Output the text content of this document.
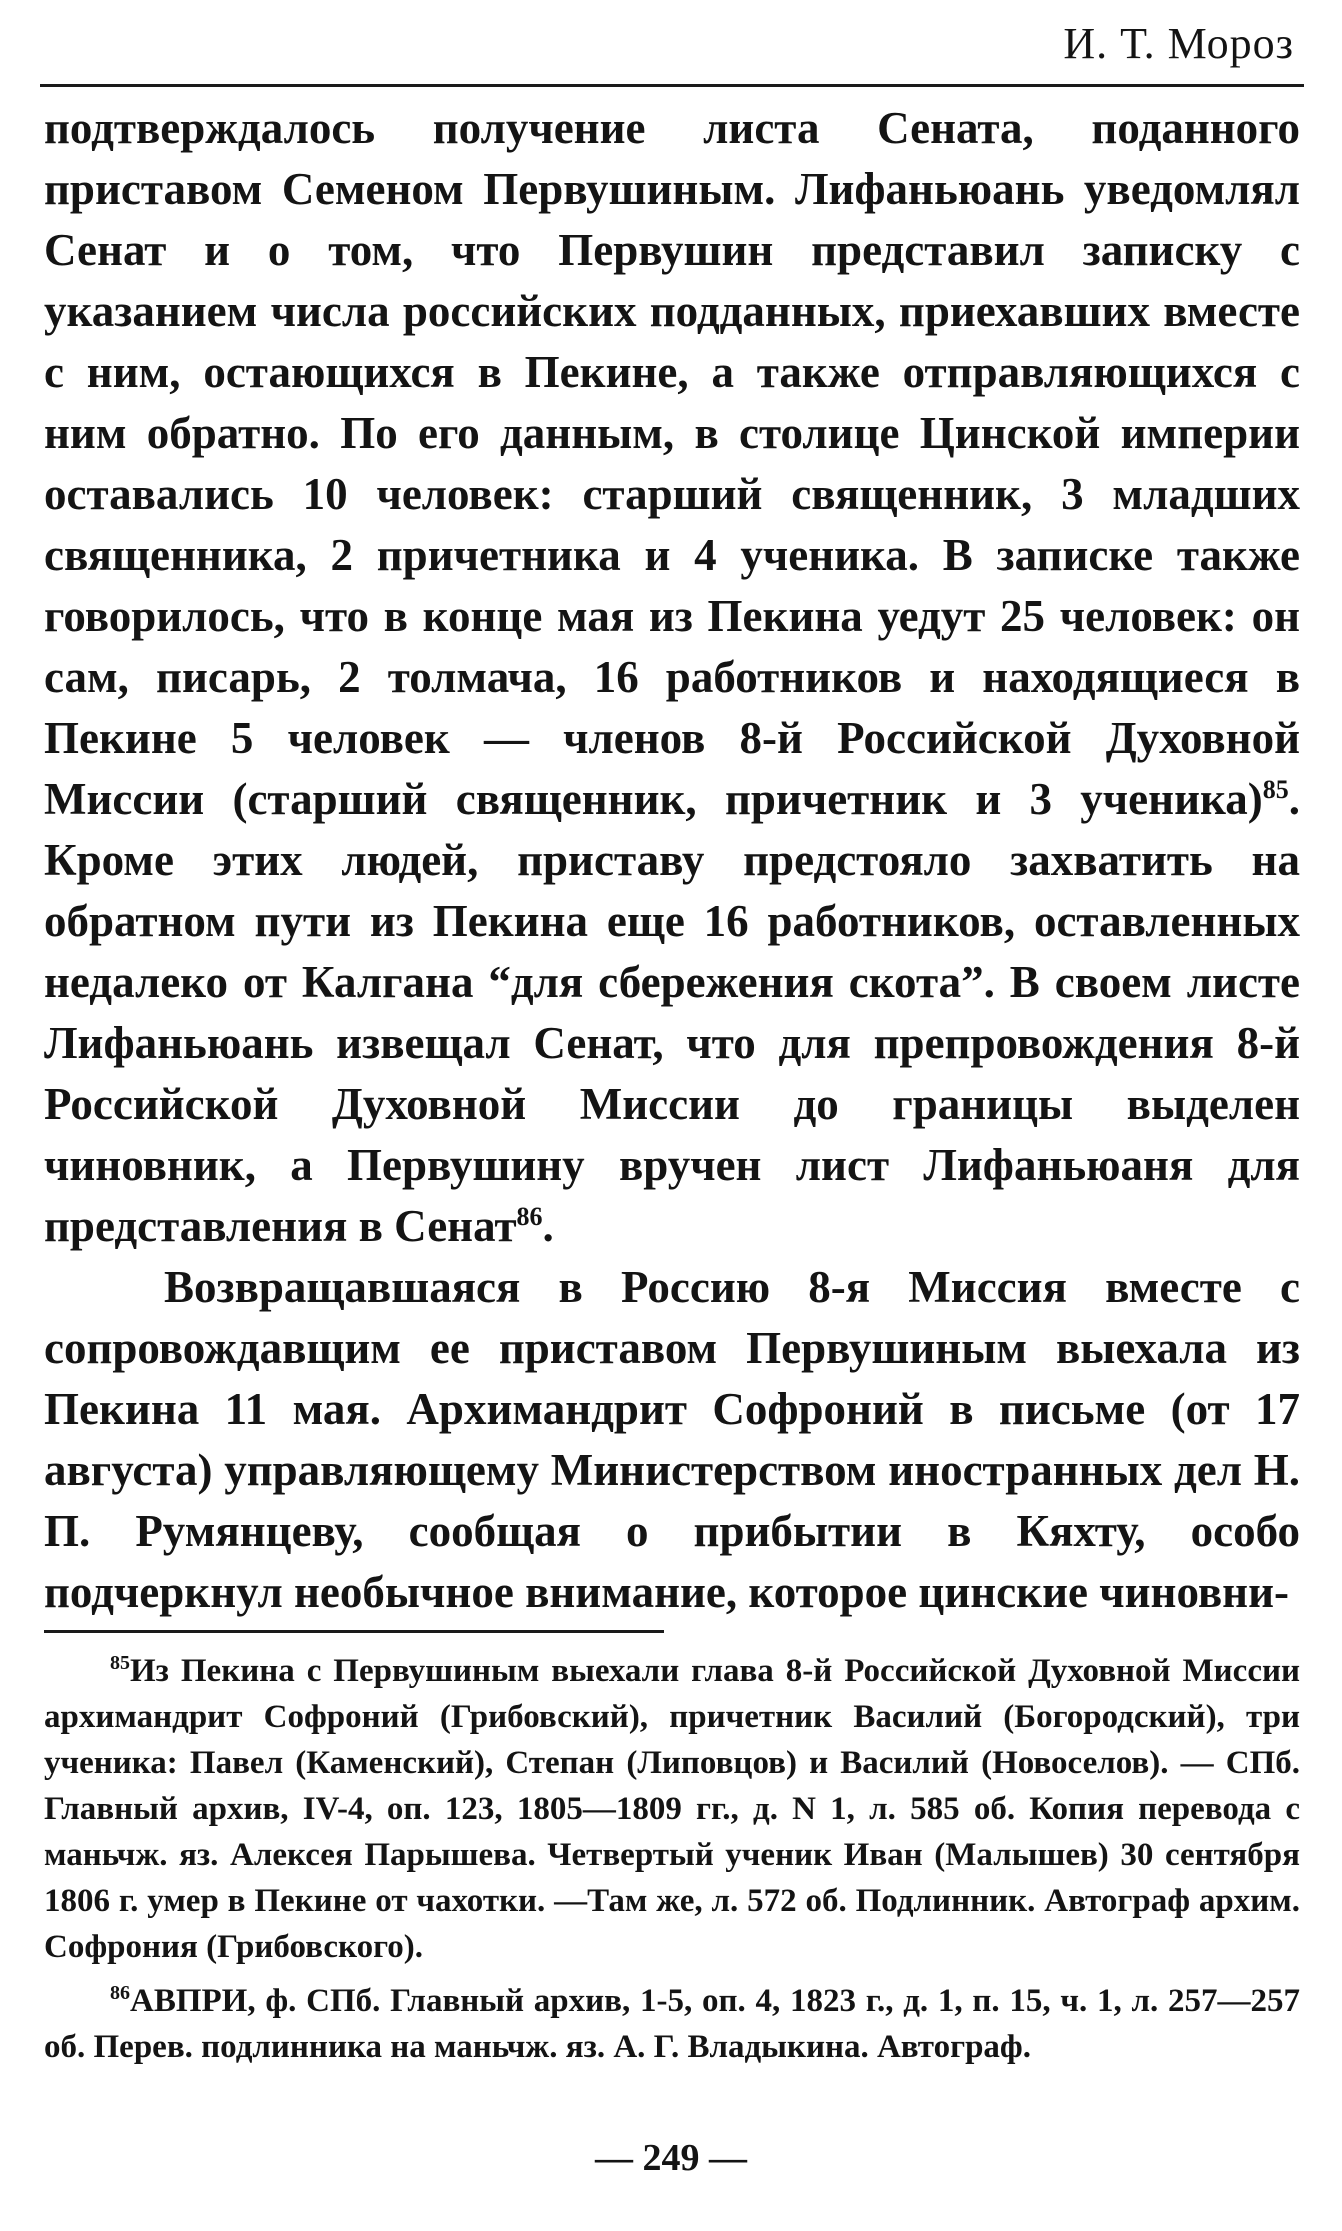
И. Т. Мороз

подтверждалось получение листа Сената, поданного приставом Семеном Первушиным. Лифаньюань уведомлял Сенат и о том, что Первушин представил записку с указанием числа российских подданных, приехавших вместе с ним, остающихся в Пекине, а также отправляющихся с ним обратно. По его данным, в столице Цинской империи оставались 10 человек: старший священник, 3 младших священника, 2 причетника и 4 ученика. В записке также говорилось, что в конце мая из Пекина уедут 25 человек: он сам, писарь, 2 толмача, 16 работников и находящиеся в Пекине 5 человек — членов 8-й Российской Духовной Миссии (старший священник, причетник и 3 ученика)$^{85}$. Кроме этих людей, приставу предстояло захватить на обратном пути из Пекина еще 16 работников, оставленных недалеко от Калгана “для сбережения скота”. В своем листе Лифаньюань извещал Сенат, что для препровождения 8-й Российской Духовной Миссии до границы выделен чиновник, а Первушину вручен лист Лифаньюаня для представления в Сенат$^{86}$.

Возвращавшаяся в Россию 8-я Миссия вместе с сопровождавщим ее приставом Первушиным выехала из Пекина 11 мая. Архимандрит Софроний в письме (от 17 августа) управляющему Министерством иностранных дел Н. П. Румянцеву, сообщая о прибытии в Кяхту, особо подчеркнул необычное внимание, которое цинские чиновни-

$^{85}$Из Пекина с Первушиным выехали глава 8-й Российской Духовной Миссии архимандрит Софроний (Грибовский), причетник Василий (Богородский), три ученика: Павел (Каменский), Степан (Липовцов) и Василий (Новоселов). — СПб. Главный архив, IV-4, оп. 123, 1805—1809 гг., д. N 1, л. 585 об. Копия перевода с маньчж. яз. Алексея Парышева. Четвертый ученик Иван (Малышев) 30 сентября 1806 г. умер в Пекине от чахотки. —Там же, л. 572 об. Подлинник. Автограф архим. Софрония (Грибовского).

$^{86}$АВПРИ, ф. СПб. Главный архив, 1-5, оп. 4, 1823 г., д. 1, п. 15, ч. 1, л. 257—257 об. Перев. подлинника на маньчж. яз. А. Г. Владыкина. Автограф.

— 249 —
